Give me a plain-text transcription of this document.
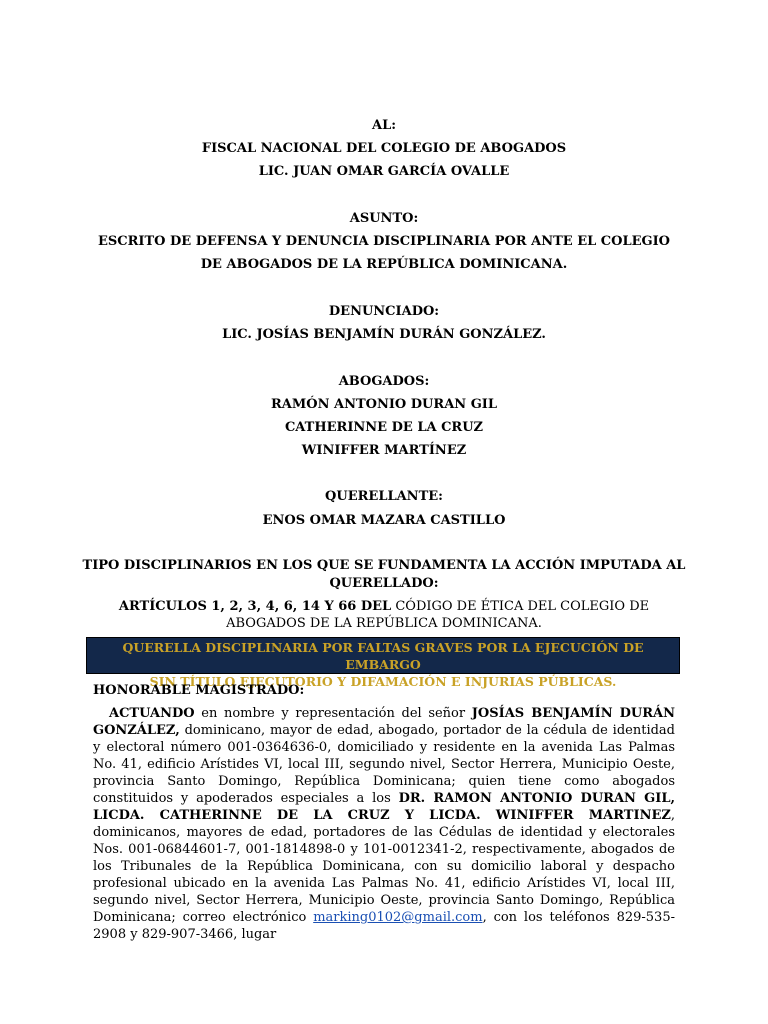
AL:
FISCAL NACIONAL DEL COLEGIO DE ABOGADOS
LIC. JUAN OMAR GARCÍA OVALLE
ASUNTO:
ESCRITO DE DEFENSA Y DENUNCIA DISCIPLINARIA POR ANTE EL COLEGIO
DE ABOGADOS DE LA REPÚBLICA DOMINICANA.
DENUNCIADO:
LIC. JOSÍAS BENJAMÍN DURÁN GONZÁLEZ.
ABOGADOS:
RAMÓN ANTONIO DURAN GIL
CATHERINNE DE LA CRUZ
WINIFFER MARTÍNEZ
QUERELLANTE:
ENOS OMAR MAZARA CASTILLO
TIPO DISCIPLINARIOS EN LOS QUE SE FUNDAMENTA LA ACCIÓN IMPUTADA AL
QUERELLADO:
ARTÍCULOS 1, 2, 3, 4, 6, 14 Y 66 DEL CÓDIGO DE ÉTICA DEL COLEGIO DE ABOGADOS DE LA REPÚBLICA DOMINICANA.
QUERELLA DISCIPLINARIA POR FALTAS GRAVES POR LA EJECUCIÓN DE EMBARGO
SIN TÍTULO EJECUTORIO Y DIFAMACIÓN E INJURIAS PÚBLICAS.
HONORABLE MAGISTRADO:
ACTUANDO en nombre y representación del señor JOSÍAS BENJAMÍN DURÁN GONZÁLEZ, dominicano, mayor de edad, abogado, portador de la cédula de identidad y electoral número 001-0364636-0, domiciliado y residente en la avenida Las Palmas No. 41, edificio Arístides VI, local III, segundo nivel, Sector Herrera, Municipio Oeste, provincia Santo Domingo, República Dominicana; quien tiene como abogados constituidos y apoderados especiales a los DR. RAMON ANTONIO DURAN GIL, LICDA. CATHERINNE DE LA CRUZ Y LICDA. WINIFFER MARTINEZ, dominicanos, mayores de edad, portadores de las Cédulas de identidad y electorales Nos. 001-06844601-7, 001-1814898-0 y 101-0012341-2, respectivamente, abogados de los Tribunales de la República Dominicana, con su domicilio laboral y despacho profesional ubicado en la avenida Las Palmas No. 41, edificio Arístides VI, local III, segundo nivel, Sector Herrera, Municipio Oeste, provincia Santo Domingo, República Dominicana; correo electrónico marking0102@gmail.com, con los teléfonos 829-535-2908 y 829-907-3466, lugar
